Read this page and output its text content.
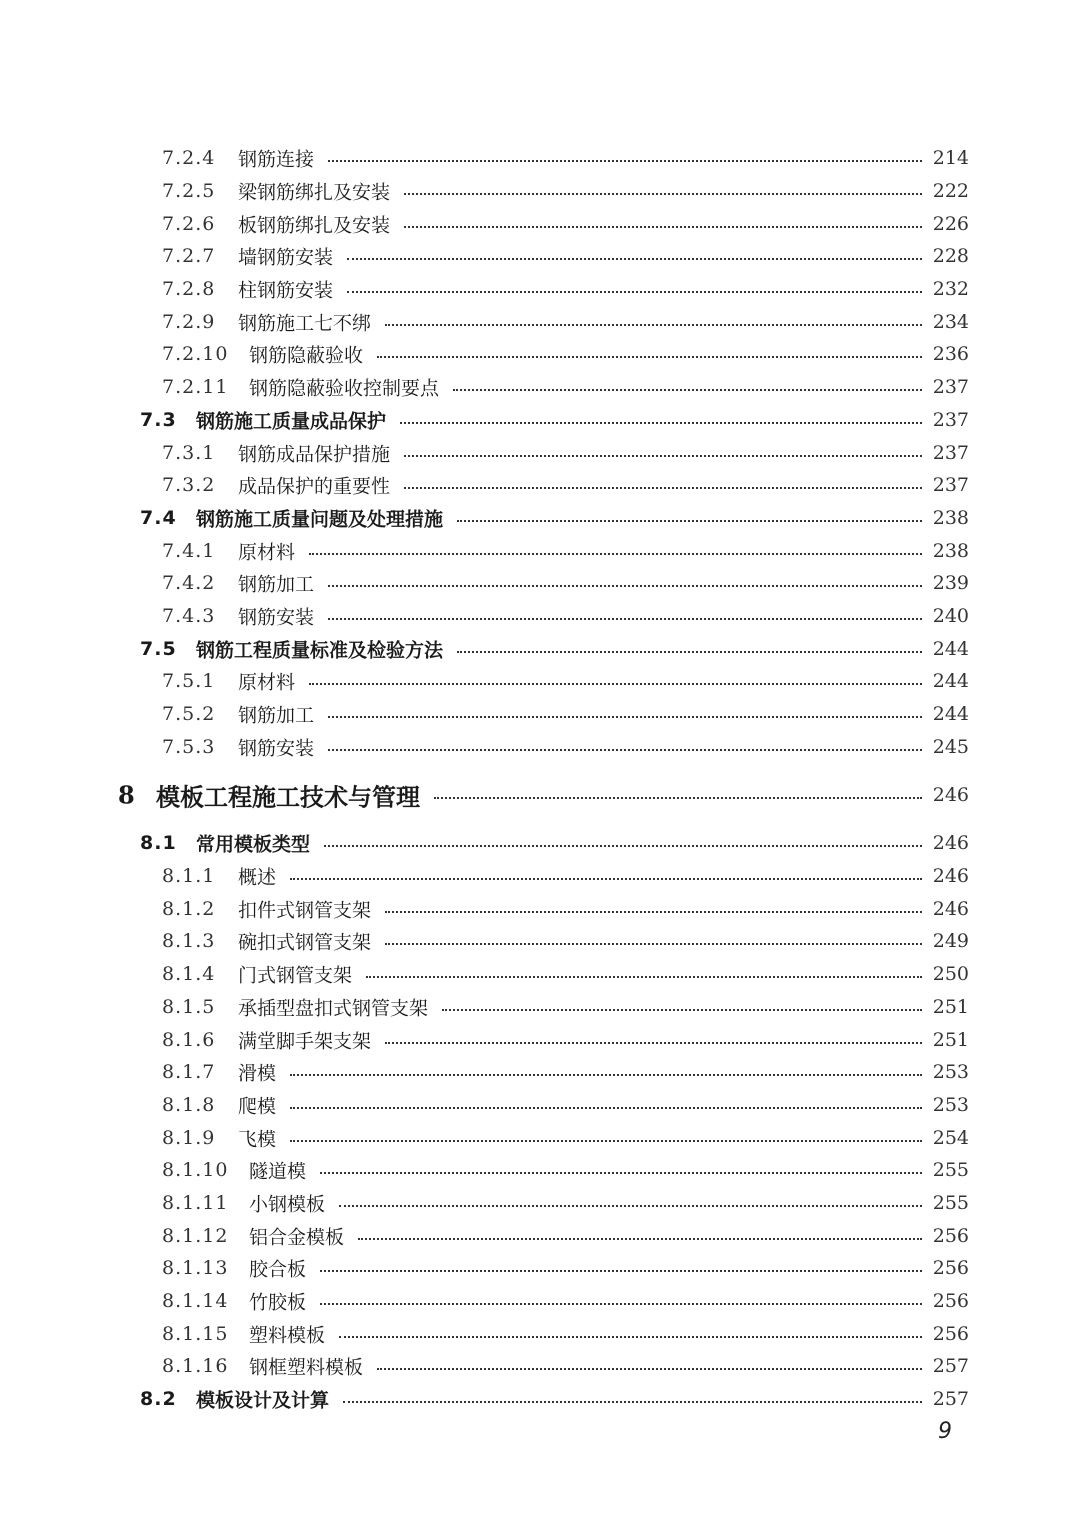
7.2.4 钢筋连接	214
7.2.5 梁钢筋绑扎及安装	222
7.2.6 板钢筋绑扎及安装	226
7.2.7 墙钢筋安装	228
7.2.8 柱钢筋安装	232
7.2.9 钢筋施工七不绑	234
7.2.10 钢筋隐蔽验收	236
7.2.11 钢筋隐蔽验收控制要点	237
7.3 钢筋施工质量成品保护	237
7.3.1 钢筋成品保护措施	237
7.3.2 成品保护的重要性	237
7.4 钢筋施工质量问题及处理措施	238
7.4.1 原材料	238
7.4.2 钢筋加工	239
7.4.3 钢筋安装	240
7.5 钢筋工程质量标准及检验方法	244
7.5.1 原材料	244
7.5.2 钢筋加工	244
7.5.3 钢筋安装	245
8 模板工程施工技术与管理	246
8.1 常用模板类型	246
8.1.1 概述	246
8.1.2 扣件式钢管支架	246
8.1.3 碗扣式钢管支架	249
8.1.4 门式钢管支架	250
8.1.5 承插型盘扣式钢管支架	251
8.1.6 满堂脚手架支架	251
8.1.7 滑模	253
8.1.8 爬模	253
8.1.9 飞模	254
8.1.10 隧道模	255
8.1.11 小钢模板	255
8.1.12 铝合金模板	256
8.1.13 胶合板	256
8.1.14 竹胶板	256
8.1.15 塑料模板	256
8.1.16 钢框塑料模板	257
8.2 模板设计及计算	257
9
